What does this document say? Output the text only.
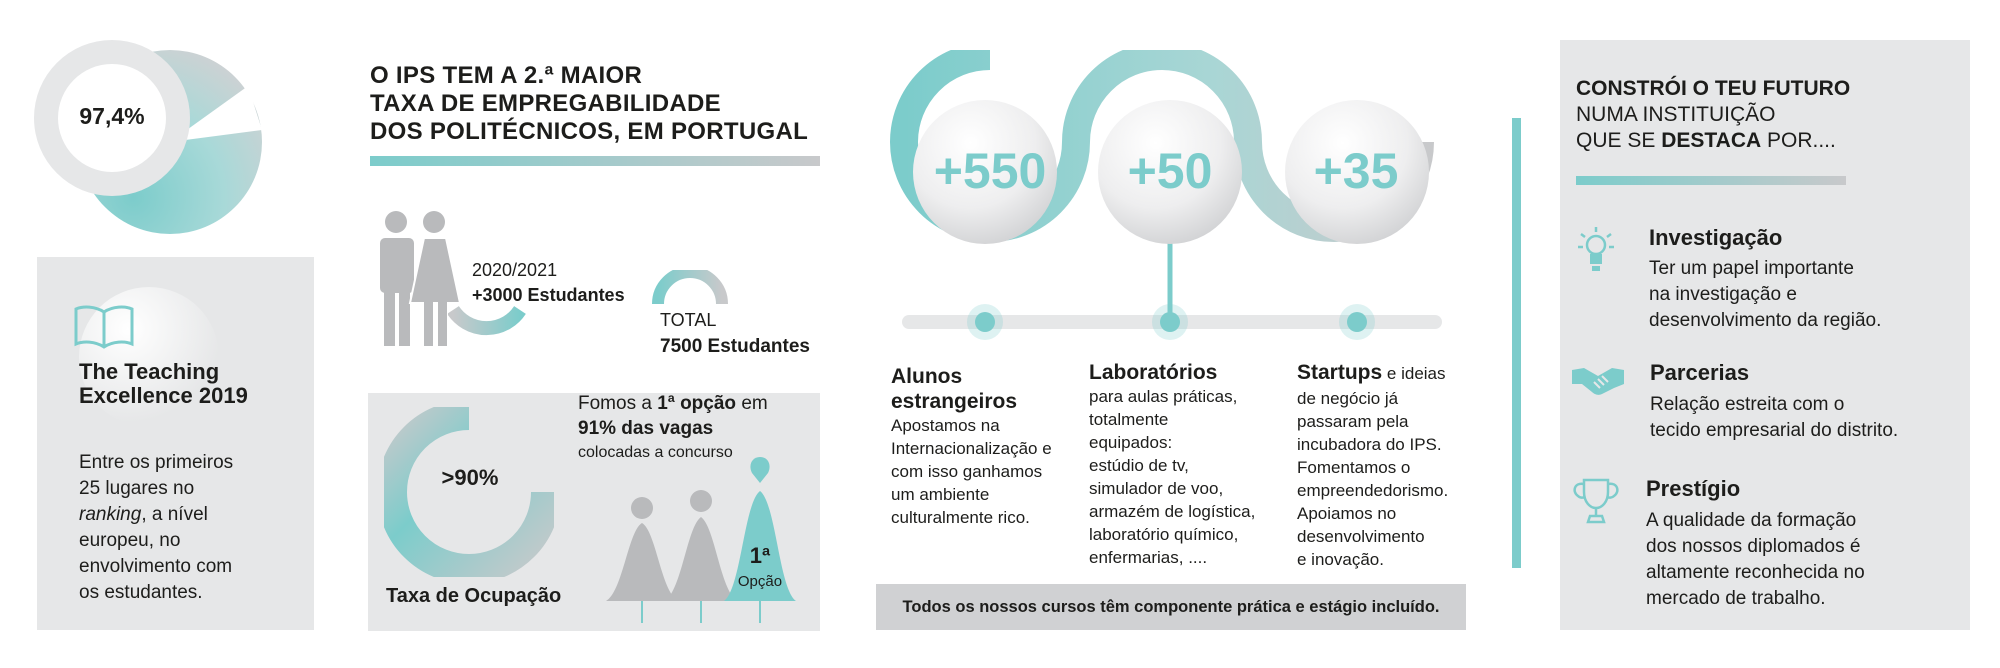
97,4%
O IPS TEM A 2.ª MAIOR
TAXA DE EMPREGABILIDADE
DOS POLITÉCNICOS, EM PORTUGAL
The Teaching
Excellence 2019
Entre os primeiros
25 lugares no
ranking, a nível
europeu, no
envolvimento com
os estudantes.
2020/2021
+3000 Estudantes
TOTAL
7500 Estudantes
>90%
Taxa de Ocupação
Fomos a 1ª opção em
91% das vagas
colocadas a concurso
1ª
Opção
+550	+50	+35
Alunos
estrangeiros
Apostamos na
Internacionalização e
com isso ganhamos
um ambiente
culturalmente rico.
Laboratórios
para aulas práticas,
totalmente
equipados:
estúdio de tv,
simulador de voo,
armazém de logística,
laboratório químico,
enfermarias, ....
Startups e ideias
de negócio já
passaram pela
incubadora do IPS.
Fomentamos o
empreendedorismo.
Apoiamos no
desenvolvimento
e inovação.
Todos os nossos cursos têm componente prática e estágio incluído.
CONSTRÓI O TEU FUTURO
NUMA INSTITUIÇÃO
QUE SE DESTACA POR....
Investigação
Ter um papel importante
na investigação e
desenvolvimento da região.
Parcerias
Relação estreita com o
tecido empresarial do distrito.
Prestígio
A qualidade da formação
dos nossos diplomados é
altamente reconhecida no
mercado de trabalho.
